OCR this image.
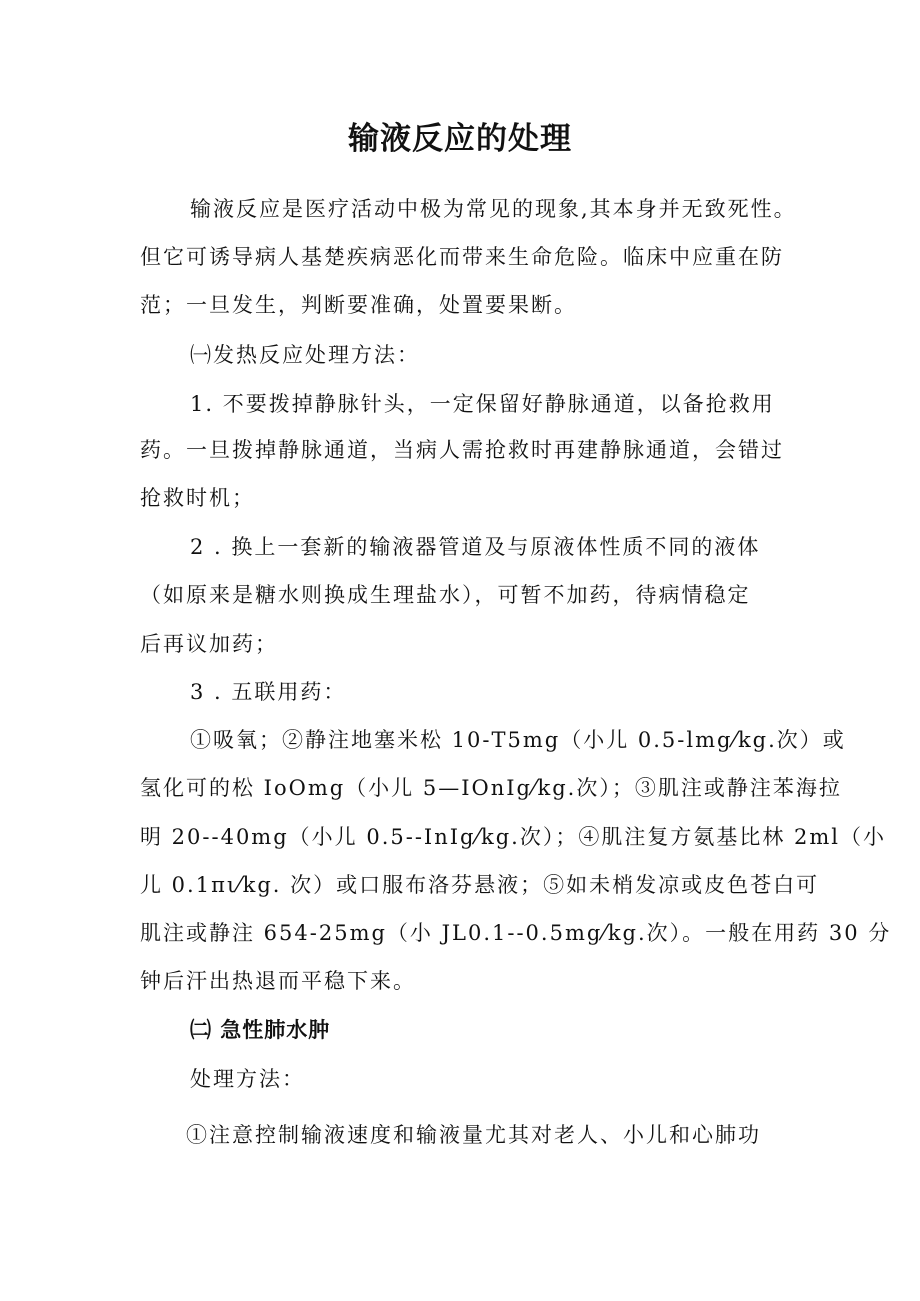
输液反应的处理

输液反应是医疗活动中极为常见的现象,其本身并无致死性。

但它可诱导病人基楚疾病恶化而带来生命危险。临床中应重在防

范；一旦发生，判断要准确，处置要果断。

㈠发热反应处理方法：

1. 不要拨掉静脉针头，一定保留好静脉通道，以备抢救用

药。一旦拨掉静脉通道，当病人需抢救时再建静脉通道，会错过

抢救时机；

2 . 换上一套新的输液器管道及与原液体性质不同的液体

（如原来是糖水则换成生理盐水），可暂不加药，待病情稳定

后再议加药；

3 . 五联用药：

①吸氧；②静注地塞米松 10-T5mg（小儿 0.5-lmg⁄kg.次）或

氢化可的松 IoOmg（小儿 5—IOnIg⁄kg.次）；③肌注或静注苯海拉

明 20--40mg（小儿 0.5--InIg⁄kg.次）；④肌注复方氨基比林 2ml（小

儿 0.1πι⁄kg. 次）或口服布洛芬悬液；⑤如未梢发凉或皮色苍白可

肌注或静注 654-25mg（小 JL0.1--0.5mg⁄kg.次）。一般在用药 30 分

钟后汗出热退而平稳下来。

㈡ 急性肺水肿

处理方法：

①注意控制输液速度和输液量尤其对老人、小儿和心肺功
